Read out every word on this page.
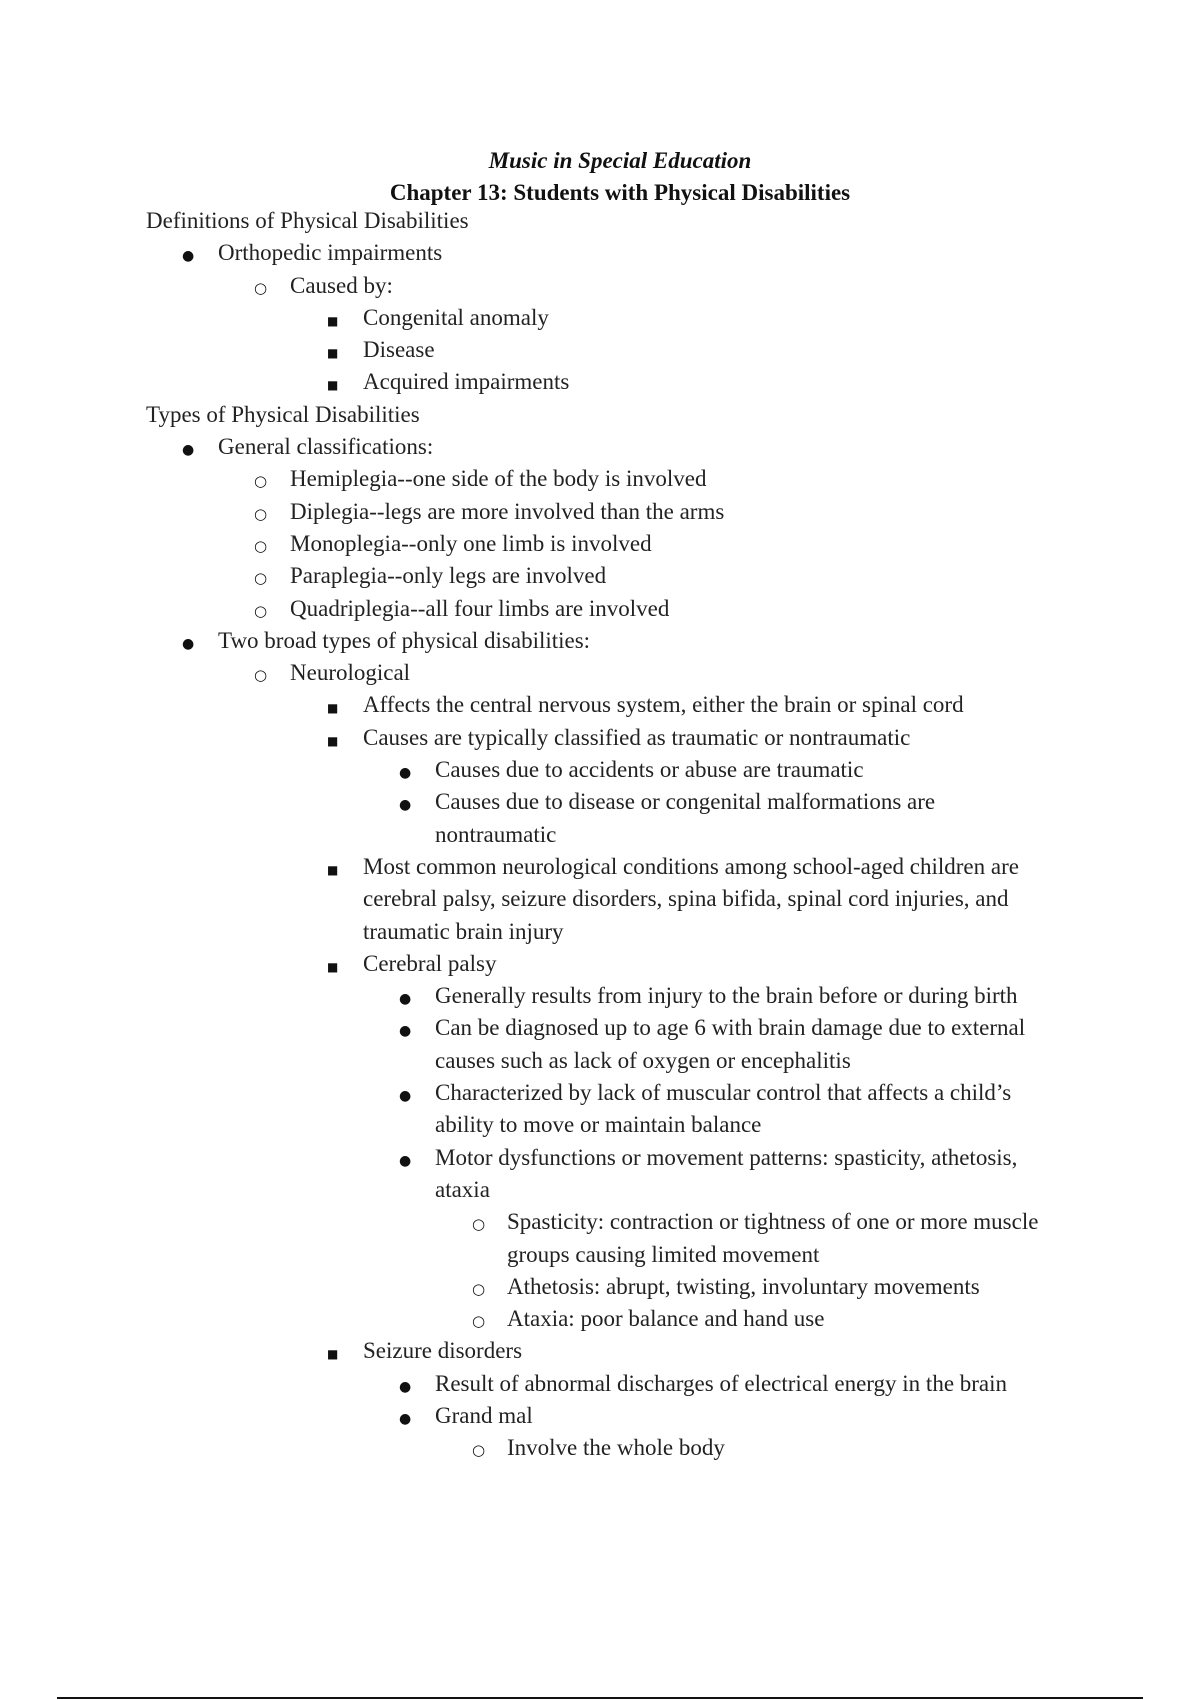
Music in Special Education
Chapter 13: Students with Physical Disabilities
Definitions of Physical Disabilities
●
Orthopedic impairments
○
Caused by:
■
Congenital anomaly
■
Disease
■
Acquired impairments
Types of Physical Disabilities
●
General classifications:
○
Hemiplegia--one side of the body is involved
○
Diplegia--legs are more involved than the arms
○
Monoplegia--only one limb is involved
○
Paraplegia--only legs are involved
○
Quadriplegia--all four limbs are involved
●
Two broad types of physical disabilities:
○
Neurological
■
Affects the central nervous system, either the brain or spinal cord
■
Causes are typically classified as traumatic or nontraumatic
●
Causes due to accidents or abuse are traumatic
●
Causes due to disease or congenital malformations are
nontraumatic
■
Most common neurological conditions among school-aged children are
cerebral palsy, seizure disorders, spina bifida, spinal cord injuries, and
traumatic brain injury
■
Cerebral palsy
●
Generally results from injury to the brain before or during birth
●
Can be diagnosed up to age 6 with brain damage due to external
causes such as lack of oxygen or encephalitis
●
Characterized by lack of muscular control that affects a child’s
ability to move or maintain balance
●
Motor dysfunctions or movement patterns: spasticity, athetosis,
ataxia
○
Spasticity: contraction or tightness of one or more muscle
groups causing limited movement
○
Athetosis: abrupt, twisting, involuntary movements
○
Ataxia: poor balance and hand use
■
Seizure disorders
●
Result of abnormal discharges of electrical energy in the brain
●
Grand mal
○
Involve the whole body
